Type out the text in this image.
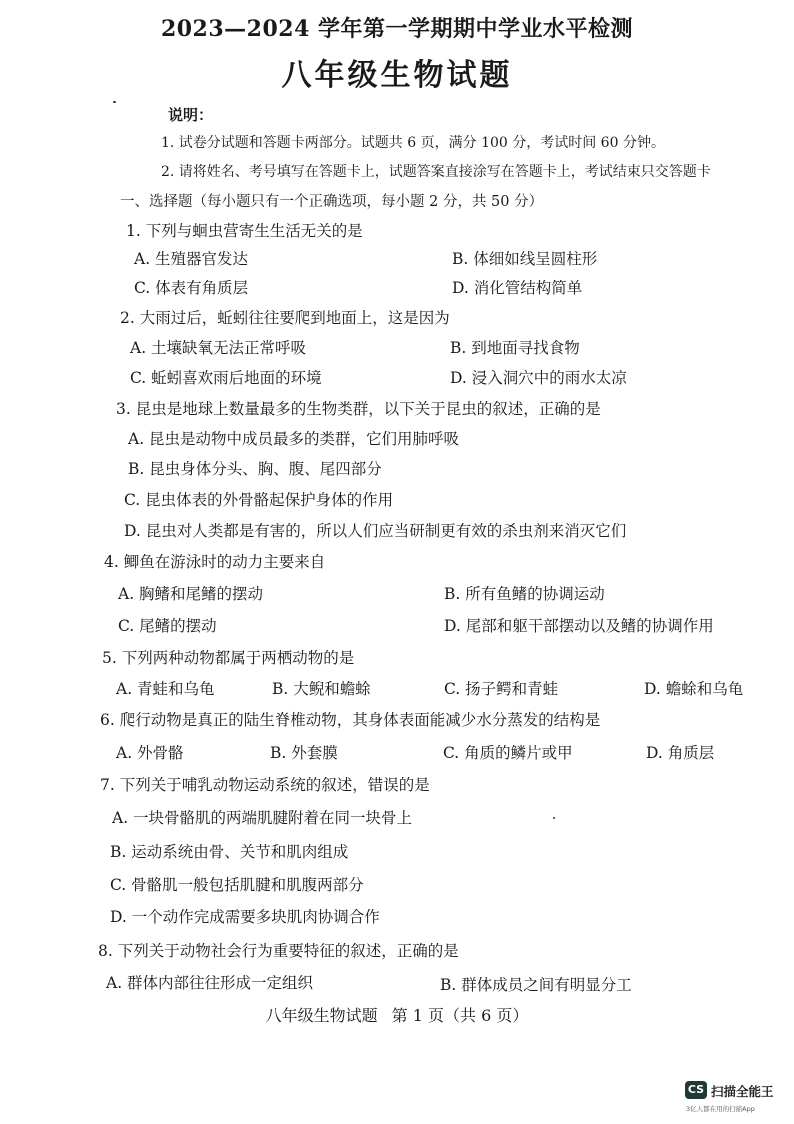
2023—2024 学年第一学期期中学业水平检测
八年级生物试题
说明：
1. 试卷分试题和答题卡两部分。试题共 6 页，满分 100 分，考试时间 60 分钟。
2. 请将姓名、考号填写在答题卡上，试题答案直接涂写在答题卡上，考试结束只交答题卡
一、选择题（每小题只有一个正确选项，每小题 2 分，共 50 分）
1. 下列与蛔虫营寄生生活无关的是
A. 生殖器官发达	B. 体细如线呈圆柱形
C. 体表有角质层	D. 消化管结构简单
2. 大雨过后，蚯蚓往往要爬到地面上，这是因为
A. 土壤缺氧无法正常呼吸	B. 到地面寻找食物
C. 蚯蚓喜欢雨后地面的环境	D. 浸入洞穴中的雨水太凉
3. 昆虫是地球上数量最多的生物类群，以下关于昆虫的叙述，正确的是
A. 昆虫是动物中成员最多的类群，它们用肺呼吸
B. 昆虫身体分头、胸、腹、尾四部分
C. 昆虫体表的外骨骼起保护身体的作用
D. 昆虫对人类都是有害的，所以人们应当研制更有效的杀虫剂来消灭它们
4. 鲫鱼在游泳时的动力主要来自
A. 胸鳍和尾鳍的摆动	B. 所有鱼鳍的协调运动
C. 尾鳍的摆动	D. 尾部和躯干部摆动以及鳍的协调作用
5. 下列两种动物都属于两栖动物的是
A. 青蛙和乌龟	B. 大鲵和蟾蜍	C. 扬子鳄和青蛙	D. 蟾蜍和乌龟
6. 爬行动物是真正的陆生脊椎动物，其身体表面能减少水分蒸发的结构是
A. 外骨骼	B. 外套膜	C. 角质的鳞片或甲	D. 角质层
7. 下列关于哺乳动物运动系统的叙述，错误的是
A. 一块骨骼肌的两端肌腱附着在同一块骨上
B. 运动系统由骨、关节和肌肉组成
C. 骨骼肌一般包括肌腱和肌腹两部分
D. 一个动作完成需要多块肌肉协调合作
8. 下列关于动物社会行为重要特征的叙述，正确的是
A. 群体内部往往形成一定组织	B. 群体成员之间有明显分工
八年级生物试题 第 1 页（共 6 页）
CS 扫描全能王
3亿人都在用的扫描App
